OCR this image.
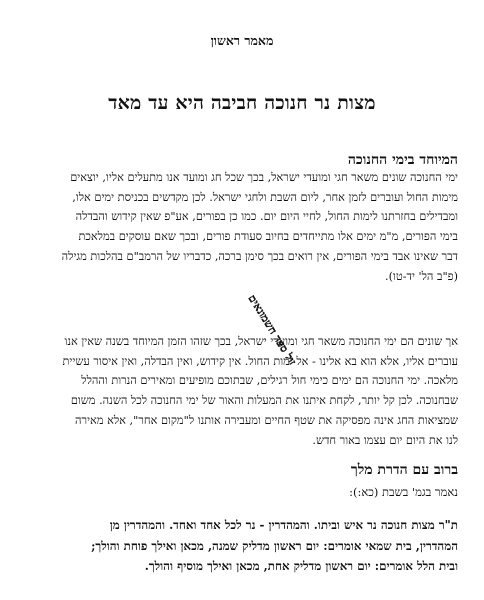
מאמר ראשון
מצות נר חנוכה חביבה היא עד מאד
המיוחד בימי החנוכה
ימי החנוכה שונים משאר חגי ומועדי ישראל, בכך שכל חג ומועד אנו מתעלים אליו, יוצאים
מימות החול ועוברים לזמן אחר, ליום השבת ולחגי ישראל. לכן מקדשים בכניסת ימים אלו,
ומבדילים בחזרתנו לימות החול, לחיי היום יום. כמו כן בפורים, אע"פ שאין קידוש והבדלה
בימי הפורים, מ"מ ימים אלו מתייחדים בחיוב סעודת פורים, ובכך שאם עוסקים במלאכת
דבר שאינו אבד בימי הפורים, אין רואים בכך סימן ברכה, כדבריו של הרמב"ם בהלכות מגילה
(פ"ב הל' יד-טו).
אך שונים הם ימי החנוכה משאר חגי ומועדי ישראל, בכך שזהו הזמן המיוחד בשנה שאין אנו
עוברים אליו, אלא הוא בא אלינו - אל ימות החול. אין קידוש, ואין הבדלה, ואין איסור עשיית
מלאכה. ימי החנוכה הם ימים כימי חול רגילים, שבתוכם מופיעים ומאירים הנרות וההלל
שבחנוכה. לכן קל יותר, לקחת איתנו את המעלות והאור של ימי החנוכה לכל השנה. משום
שמציאות החג אינה מפסיקה את שטף החיים ומעבירה אותנו ל"מקום אחר", אלא מאירה
לנו את היום יום עצמו באור חדש.
זול ספר חשמונאים
ברוב עם הדרת מלך
נאמר בגמ' בשבת (כא:):
ת"ר מצות חנוכה נר איש וביתו. והמהדרין - נר לכל אחד ואחד. והמהדרין מן
המהדרין, בית שמאי אומרים: יום ראשון מדליק שמנה, מכאן ואילך פוחת והולך;
ובית הלל אומרים: יום ראשון מדליק אחת, מכאן ואילך מוסיף והולך.
